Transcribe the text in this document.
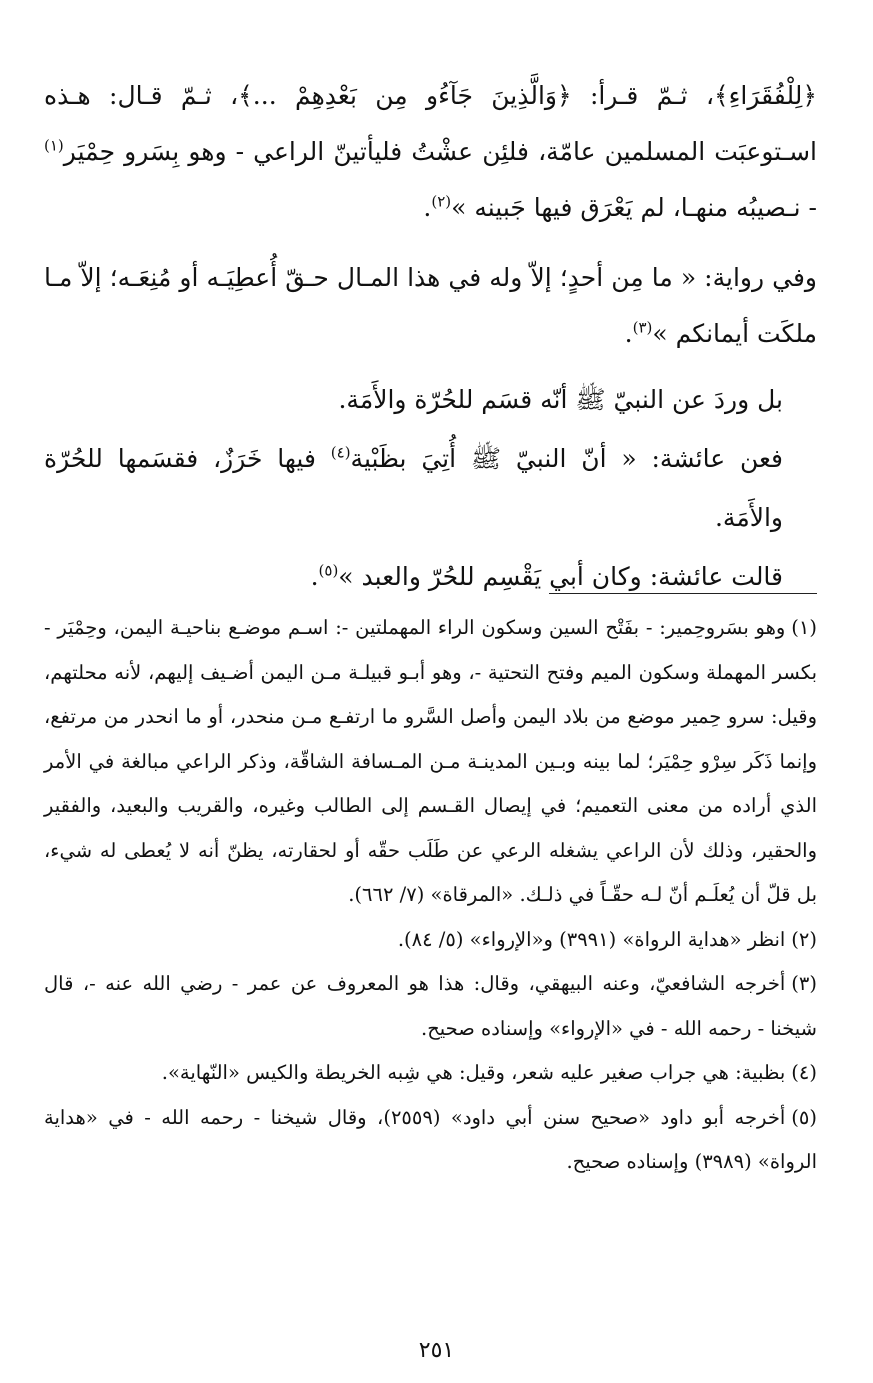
﴿لِلْفُقَرَاءِ﴾، ثـمّ قـرأ: ﴿وَالَّذِينَ جَآءُو مِن بَعْدِهِمْ ...﴾، ثـمّ قـال: هـذه اسـتوعبَت المسلمين عامّة، فلئِن عشْتُ فليأتينّ الراعي - وهو بِسَرو حِمْيَر$^{(١)}$ - نـصيبُه منهـا، لم يَعْرَق فيها جَبينه »$^{(٢)}$.

وفي رواية: « ما مِن أحدٍ؛ إلاّ وله في هذا المـال حـقّ أُعطِيَـه أو مُنِعَـه؛ إلاّ مـا ملكَت أيمانكم »$^{(٣)}$.

بل وردَ عن النبيّ ﷺ أنّه قسَم للحُرّة والأَمَة.

فعن عائشة: « أنّ النبيّ ﷺ أُتِيَ بظَبْية$^{(٤)}$ فيها خَرَزٌ، فقسَمها للحُرّة والأَمَة.

قالت عائشة: وكان أبي يَقْسِم للحُرّ والعبد »$^{(٥)}$.

(١)وهو بسَروحِمير: - بفَتْح السين وسكون الراء المهملتين -: اسـم موضـع بناحيـة اليمن، وحِمْيَر - بكسر المهملة وسكون الميم وفتح التحتية -، وهو أبـو قبيلـة مـن اليمن أضـيف إليهم، لأنه محلتهم، وقيل: سرو حِمير موضع من بلاد اليمن وأصل السَّرو ما ارتفـع مـن منحدر، أو ما انحدر من مرتفع، وإنما ذَكَر سِرْو حِمْيَر؛ لما بينه وبـين المدينـة مـن المـسافة الشاقّة، وذكر الراعي مبالغة في الأمر الذي أراده من معنى التعميم؛ في إيصال القـسم إلى الطالب وغيره، والقريب والبعيد، والفقير والحقير، وذلك لأن الراعي يشغله الرعي عن طَلَب حقّه أو لحقارته، يظنّ أنه لا يُعطى له شيء، بل قلّ أن يُعلَـم أنّ لـه حقّـاً في ذلـك. «المرقاة» (٧/ ٦٦٢).

(٢)انظر «هداية الرواة» (٣٩٩١) و«الإرواء» (٥/ ٨٤).

(٣)أخرجه الشافعيّ، وعنه البيهقي، وقال: هذا هو المعروف عن عمر - رضي الله عنه -، قال شيخنا - رحمه الله - في «الإرواء» وإسناده صحيح.

(٤)بظبية: هي جراب صغير عليه شعر، وقيل: هي شِبه الخريطة والكيس «النّهاية».

(٥)أخرجه أبو داود «صحيح سنن أبي داود» (٢٥٥٩)، وقال شيخنا - رحمه الله - في «هداية الرواة» (٣٩٨٩) وإسناده صحيح.

٢٥١
